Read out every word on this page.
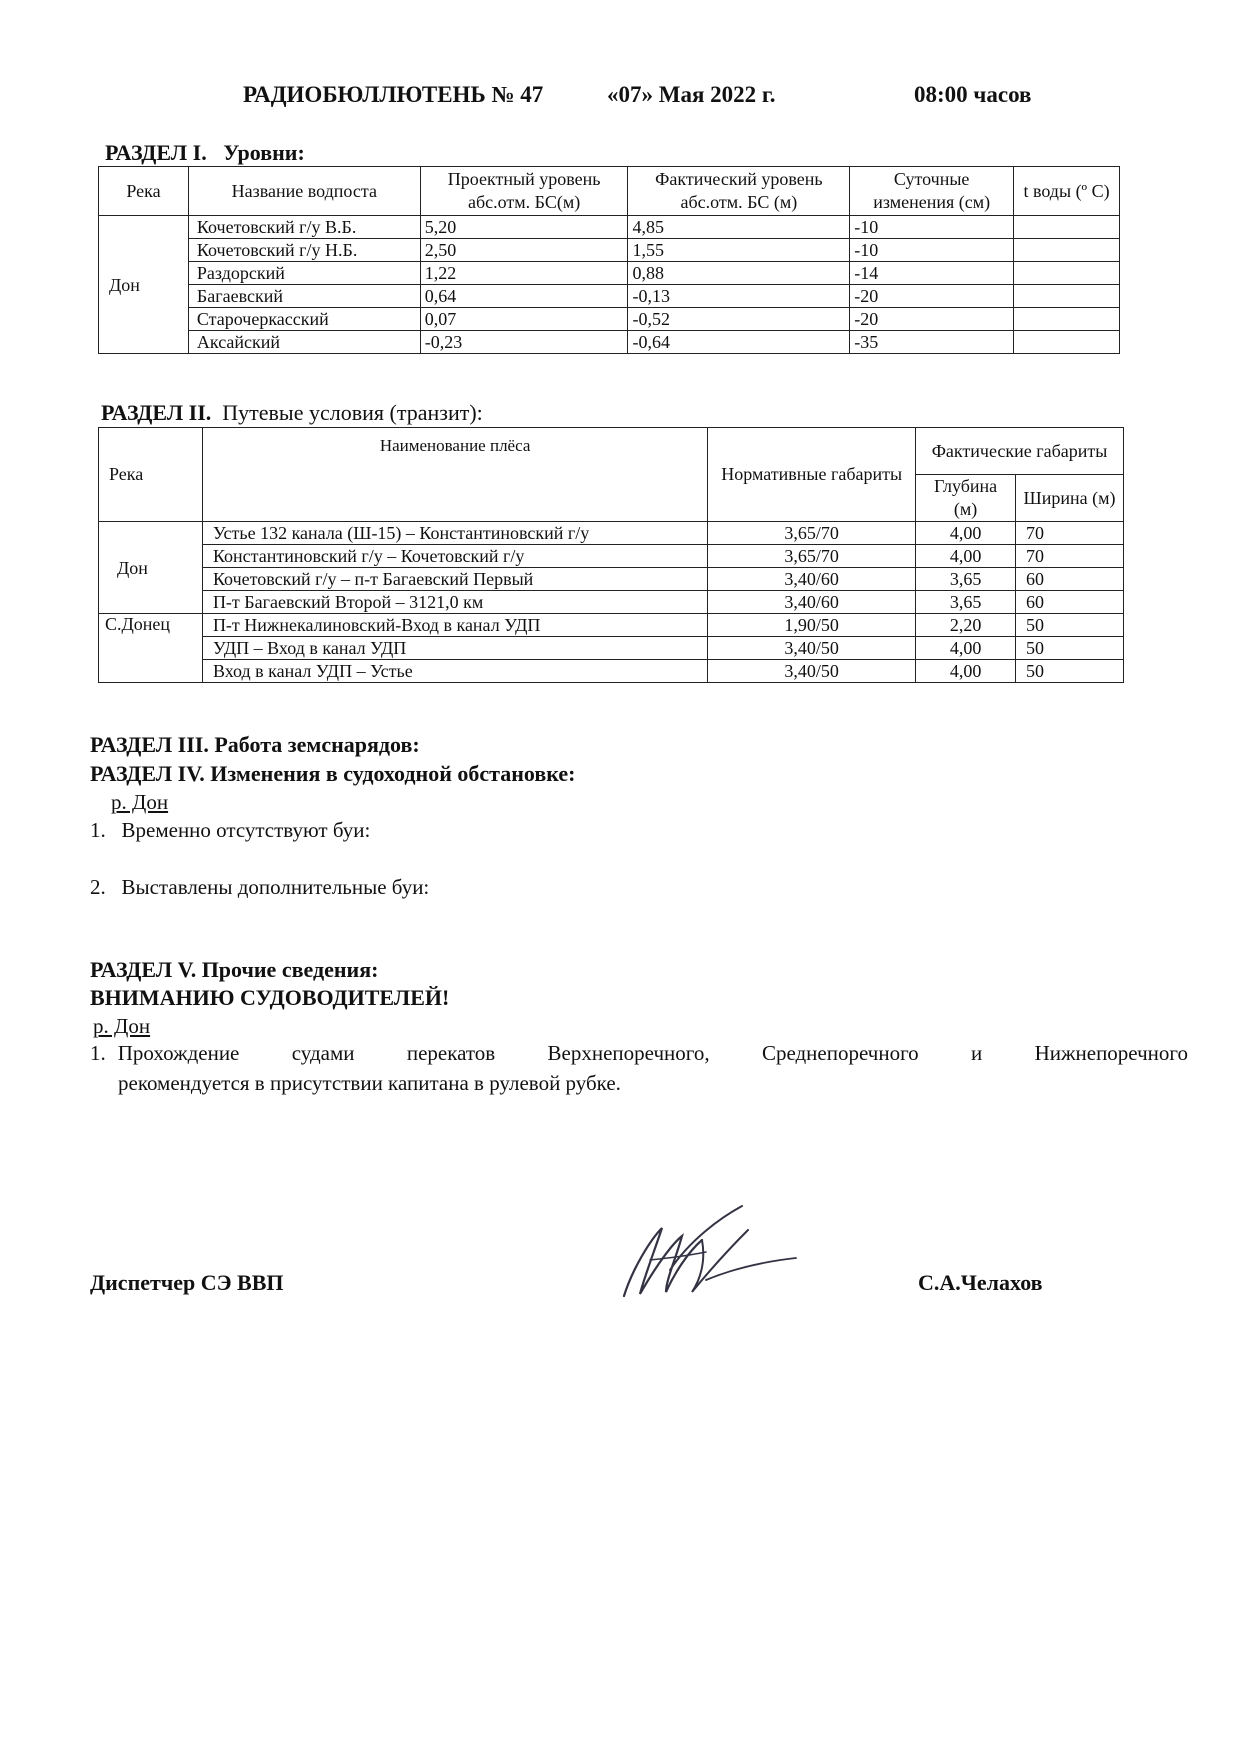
РАДИОБЮЛЛЮТЕНЬ № 47	«07» Мая 2022 г.	08:00 часов
РАЗДЕЛ I. Уровни:
Река	Название водпоста	Проектный уровень абс.отм. БС(м)	Фактический уровень абс.отм. БС (м)	Суточные изменения (см)	t воды (º С)
Дон	Кочетовский г/у В.Б.	5,20	4,85	-10	
	Кочетовский г/у Н.Б.	2,50	1,55	-10	
	Раздорский	1,22	0,88	-14	
	Багаевский	0,64	-0,13	-20	
	Старочеркасский	0,07	-0,52	-20	
	Аксайский	-0,23	-0,64	-35	
РАЗДЕЛ II. Путевые условия (транзит):
Река	Наименование плёса	Нормативные габариты	Фактические габариты	
			Глубина (м)	Ширина (м)
Дон	Устье 132 канала (Ш-15) – Константиновский г/у	3,65/70	4,00	70
	Константиновский г/у – Кочетовский г/у	3,65/70	4,00	70
	Кочетовский г/у – п-т Багаевский Первый	3,40/60	3,65	60
	П-т Багаевский Второй – 3121,0 км	3,40/60	3,65	60
С.Донец	П-т Нижнекалиновский-Вход в канал УДП	1,90/50	2,20	50
	УДП – Вход в канал УДП	3,40/50	4,00	50
	Вход в канал УДП – Устье	3,40/50	4,00	50
РАЗДЕЛ III. Работа земснарядов:
РАЗДЕЛ IV. Изменения в судоходной обстановке:
р. Дон
1. Временно отсутствуют буи:
2. Выставлены дополнительные буи:
РАЗДЕЛ V. Прочие сведения:
ВНИМАНИЮ СУДОВОДИТЕЛЕЙ!
р. Дон
1. Прохождение судами перекатов Верхнепоречного, Среднепоречного и Нижнепоречного
рекомендуется в присутствии капитана в рулевой рубке.
Диспетчер СЭ ВВП	С.А.Челахов
